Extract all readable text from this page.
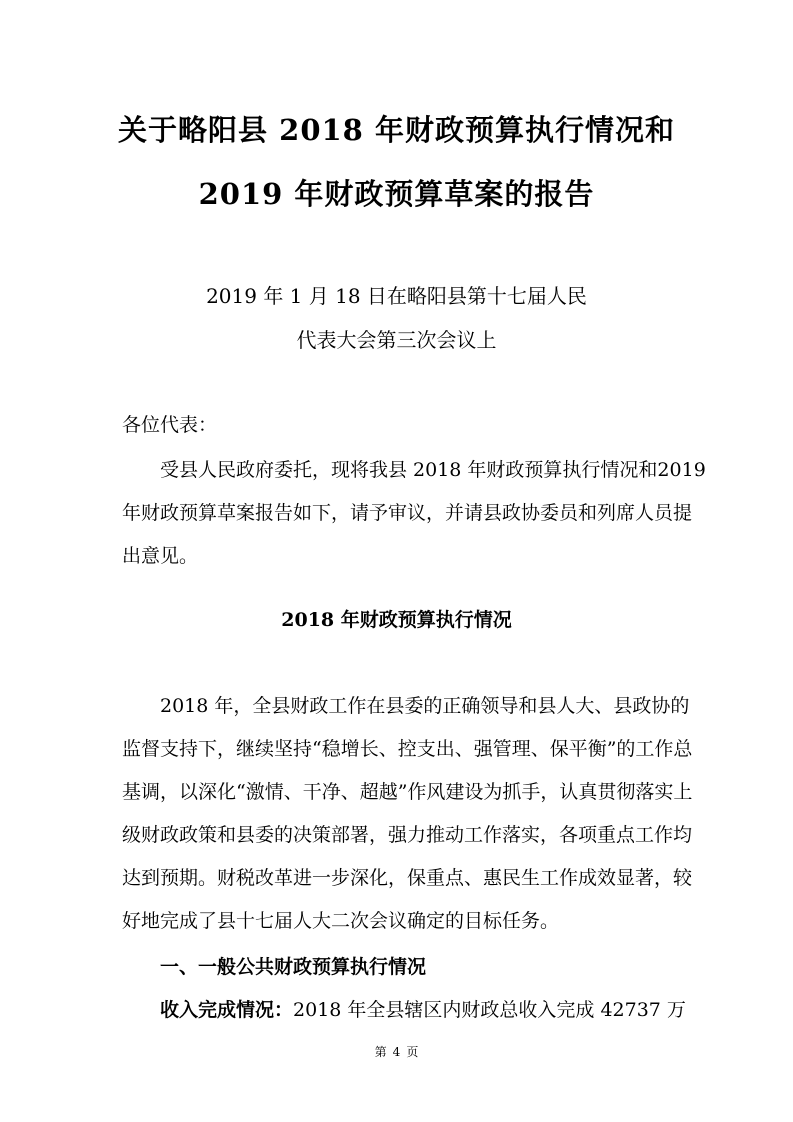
关于略阳县 2018 年财政预算执行情况和
2019 年财政预算草案的报告
2019 年 1 月 18 日在略阳县第十七届人民
代表大会第三次会议上
各位代表：
受县人民政府委托，现将我县 2018 年财政预算执行情况和2019
年财政预算草案报告如下，请予审议，并请县政协委员和列席人员提
出意见。
2018 年财政预算执行情况
2018 年，全县财政工作在县委的正确领导和县人大、县政协的
监督支持下，继续坚持“稳增长、控支出、强管理、保平衡”的工作总
基调，以深化“激情、干净、超越”作风建设为抓手，认真贯彻落实上
级财政政策和县委的决策部署，强力推动工作落实，各项重点工作均
达到预期。财税改革进一步深化，保重点、惠民生工作成效显著，较
好地完成了县十七届人大二次会议确定的目标任务。
一、一般公共财政预算执行情况
收入完成情况：2018 年全县辖区内财政总收入完成 42737 万
第 4 页
